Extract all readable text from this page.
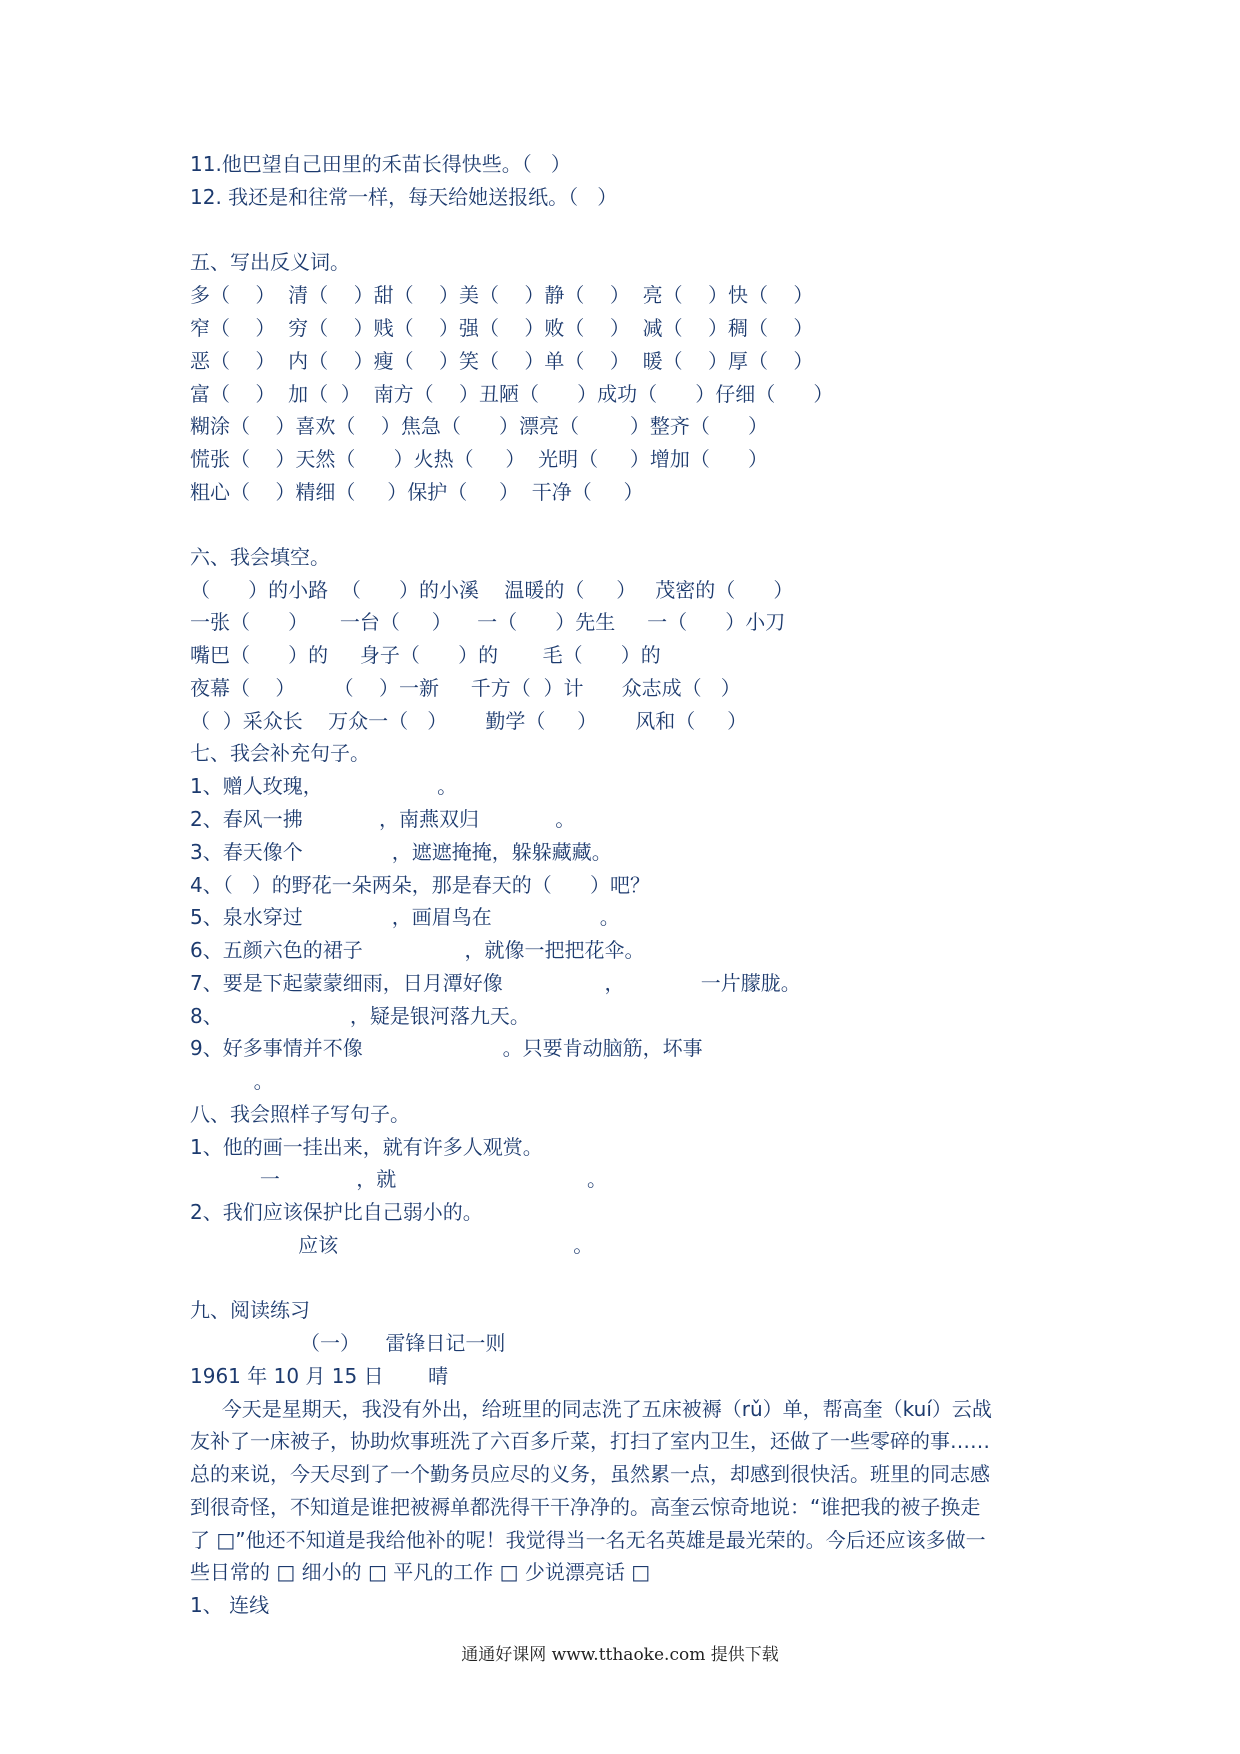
11.他巴望自己田里的禾苗长得快些。（   ）
12. 我还是和往常一样，每天给她送报纸。（   ）
五、写出反义词。
多（    ）  清（    ）甜（    ）美（    ）静（    ）  亮（    ）快（    ）
窄（    ）  穷（    ）贱（    ）强（    ）败（    ）  减（    ）稠（    ）
恶（    ）  内（    ）瘦（    ）笑（    ）单（    ）  暖（    ）厚（    ）
富（    ）  加（  ）  南方（    ）丑陋（      ）成功（      ）仔细（      ）
糊涂（    ）喜欢（    ）焦急（      ）漂亮（        ）整齐（      ）
慌张（    ）天然（      ）火热（     ）  光明（     ）增加（      ）
粗心（    ）精细（     ）保护（     ）  干净（     ）
六、我会填空。
（      ）的小路  （      ）的小溪    温暖的（     ）   茂密的（      ）
一张（      ）     一台（     ）    一（      ）先生     一（      ）小刀
嘴巴（      ）的     身子（      ）的       毛（      ）的
夜幕（    ）      （    ）一新     千方（  ）计      众志成（   ）
（  ）采众长    万众一（   ）      勤学（     ）      风和（     ）
七、我会补充句子。
1、赠人玫瑰，                  。
2、春风一拂            ，南燕双归            。
3、春天像个              ，遮遮掩掩，躲躲藏藏。
4、（   ）的野花一朵两朵，那是春天的（      ）吧？
5、泉水穿过              ，画眉鸟在                 。
6、五颜六色的裙子                ，就像一把把花伞。
7、要是下起蒙蒙细雨，日月潭好像                ，            一片朦胧。
8、                    ，疑是银河落九天。
9、好多事情并不像                      。只要肯动脑筋，坏事
。
八、我会照样子写句子。
1、他的画一挂出来，就有许多人观赏。
一            ，就                              。
2、我们应该保护比自己弱小的。
应该                                     。
九、阅读练习
（一）    雷锋日记一则
1961 年 10 月 15 日       晴
今天是星期天，我没有外出，给班里的同志洗了五床被褥（rǔ）单，帮高奎（kuí）云战
友补了一床被子，协助炊事班洗了六百多斤菜，打扫了室内卫生，还做了一些零碎的事……
总的来说，今天尽到了一个勤务员应尽的义务，虽然累一点，却感到很快活。班里的同志感
到很奇怪，不知道是谁把被褥单都洗得干干净净的。高奎云惊奇地说：“谁把我的被子换走
了 □”他还不知道是我给他补的呢！我觉得当一名无名英雄是最光荣的。今后还应该多做一
些日常的 □ 细小的 □ 平凡的工作 □ 少说漂亮话 □
1、 连线
通通好课网 www.tthaoke.com 提供下载
